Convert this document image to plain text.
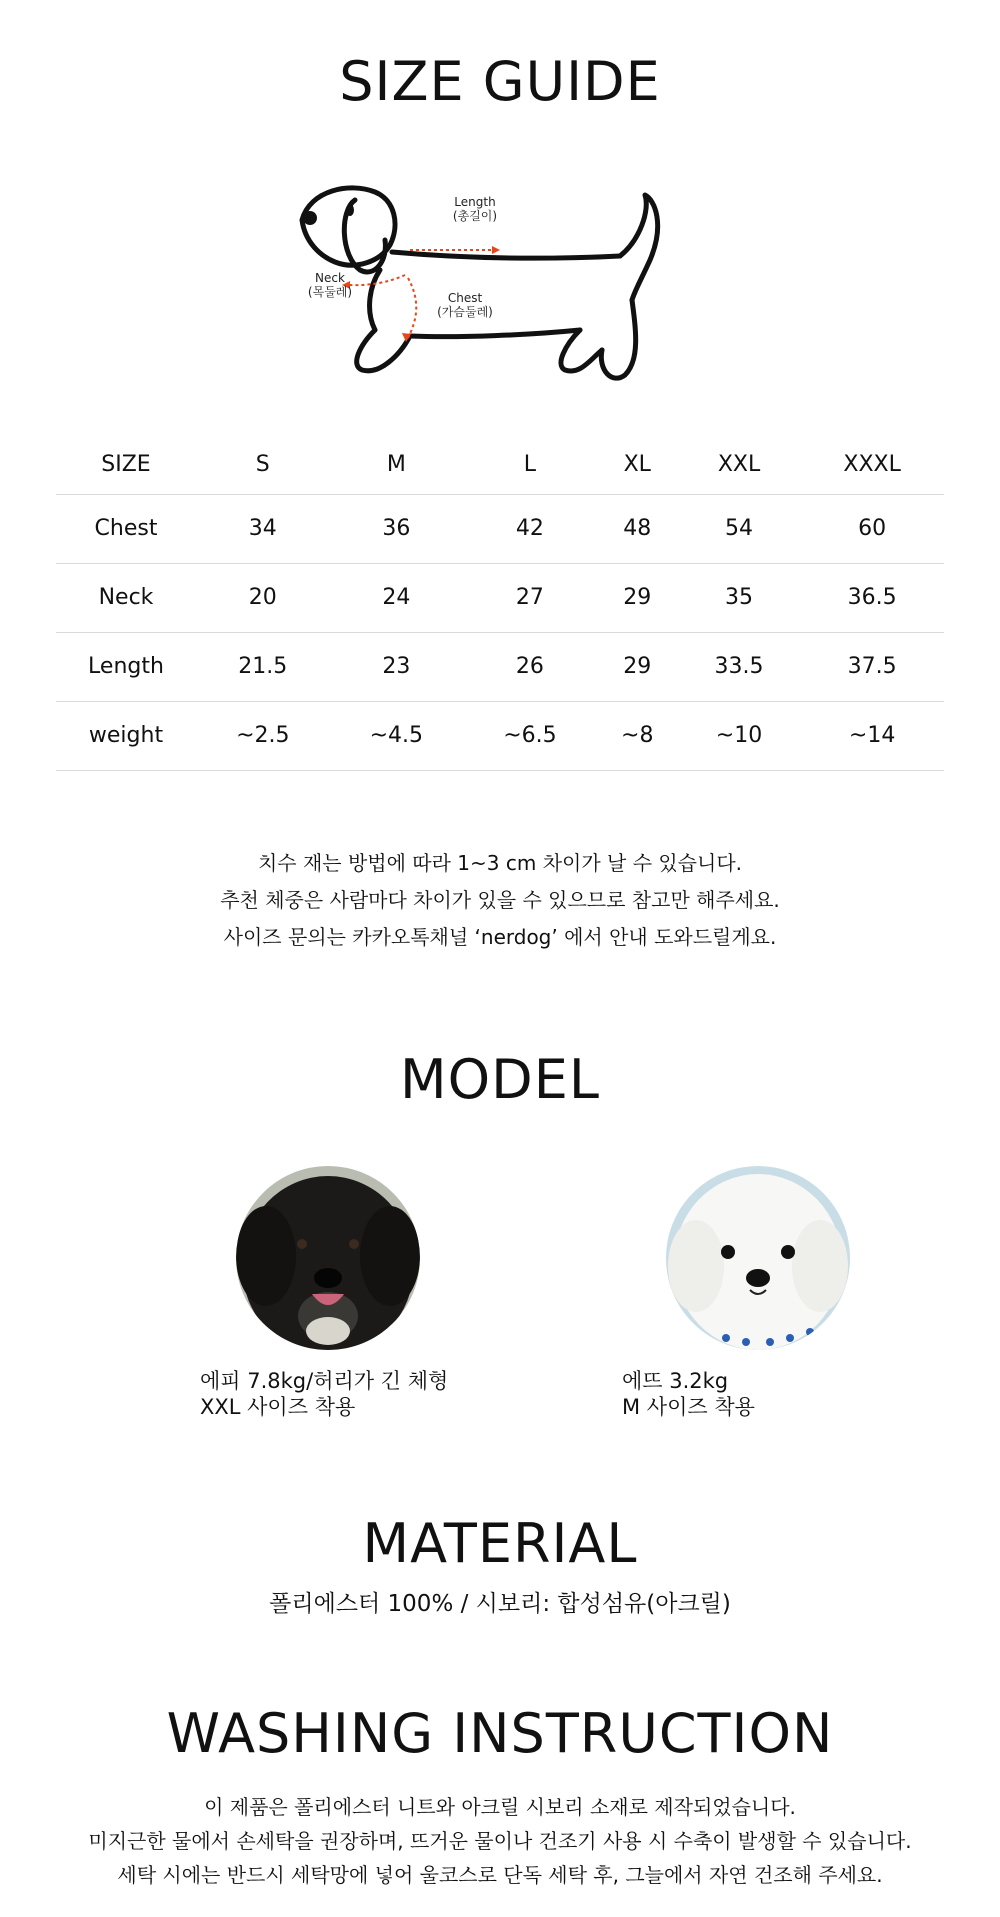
SIZE GUIDE
Length
(총길이)
Neck
(목둘레)	Chest
(가슴둘레)
SIZE	S	M	L	XL	XXL	XXXL
Chest	34	36	42	48	54	60
Neck	20	24	27	29	35	36.5
Length	21.5	23	26	29	33.5	37.5
weight	~2.5	~4.5	~6.5	~8	~10	~14
치수 재는 방법에 따라 1~3 cm 차이가 날 수 있습니다.
추천 체중은 사람마다 차이가 있을 수 있으므로 참고만 해주세요.
사이즈 문의는 카카오톡채널 ‘nerdog’ 에서 안내 도와드릴게요.
MODEL
에피 7.8kg/허리가 긴 체형
XXL 사이즈 착용
에뜨 3.2kg
M 사이즈 착용
MATERIAL
폴리에스터 100% / 시보리: 합성섬유(아크릴)
WASHING INSTRUCTION
이 제품은 폴리에스터 니트와 아크릴 시보리 소재로 제작되었습니다.
미지근한 물에서 손세탁을 권장하며, 뜨거운 물이나 건조기 사용 시 수축이 발생할 수 있습니다.
세탁 시에는 반드시 세탁망에 넣어 울코스로 단독 세탁 후, 그늘에서 자연 건조해 주세요.
